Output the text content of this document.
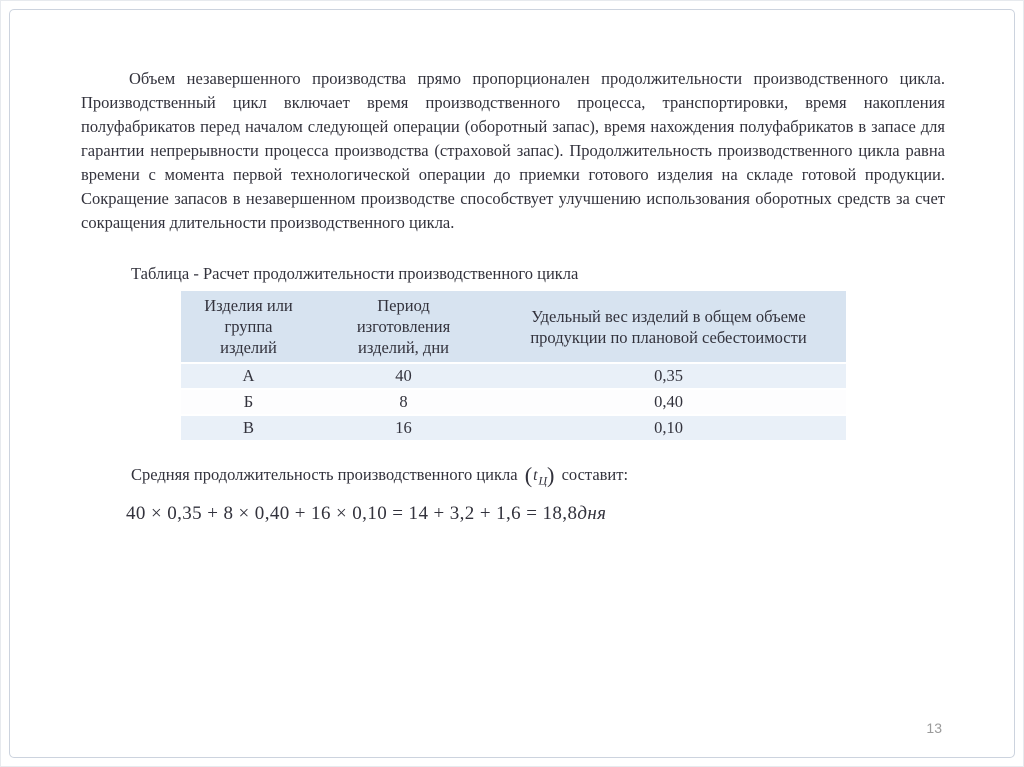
Объем незавершенного производства прямо пропорционален продолжительности производственного цикла. Производственный цикл включает время производственного процесса, транспортировки, время накопления полуфабрикатов перед началом следующей операции (оборотный запас), время нахождения полуфабрикатов в запасе для гарантии непрерывности процесса производства (страховой запас). Продолжительность производственного цикла равна времени с момента первой технологической операции до приемки готового изделия на складе готовой продукции. Сокращение запасов в незавершенном производстве способствует улучшению использования оборотных средств за счет сокращения длительности производственного цикла.

Таблица - Расчет продолжительности производственного цикла

Изделия или группа изделий	Период изготовления изделий, дни	Удельный вес изделий в общем объеме продукции по плановой себестоимости
А	40	0,35
Б	8	0,40
В	16	0,10

Средняя продолжительность производственного цикла $(t_Ц)$ составит:

40 × 0,35 + 8 × 0,40 + 16 × 0,10 = 14 + 3,2 + 1,6 = 18,8дня

13
